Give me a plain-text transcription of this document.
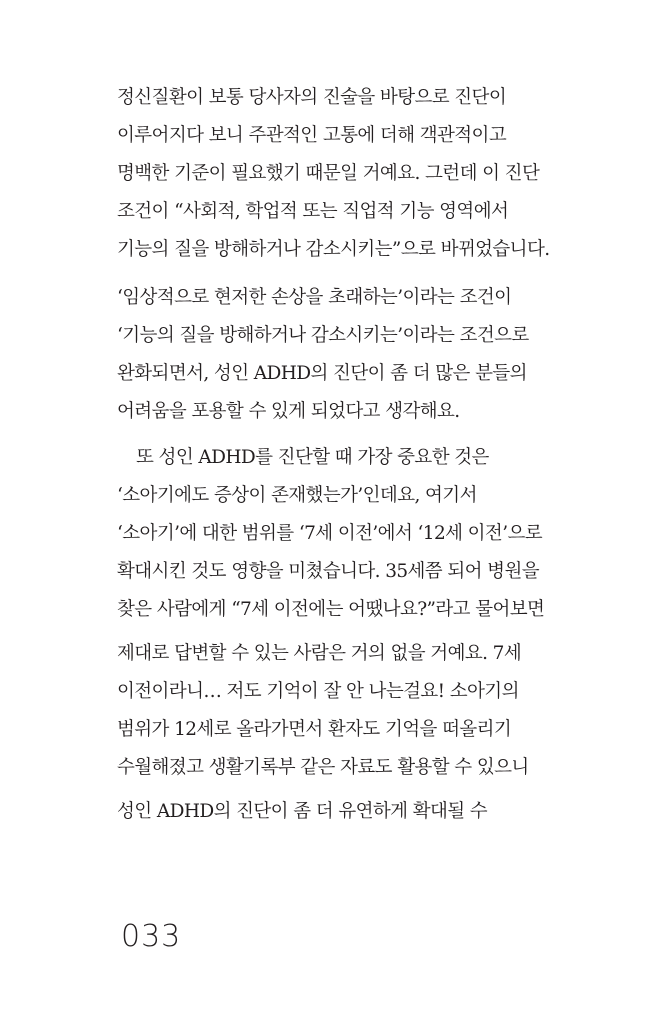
정신질환이 보통 당사자의 진술을 바탕으로 진단이
이루어지다 보니 주관적인 고통에 더해 객관적이고
명백한 기준이 필요했기 때문일 거예요. 그런데 이 진단
조건이 “사회적, 학업적 또는 직업적 기능 영역에서
기능의 질을 방해하거나 감소시키는”으로 바뀌었습니다.
‘임상적으로 현저한 손상을 초래하는’이라는 조건이
‘기능의 질을 방해하거나 감소시키는’이라는 조건으로
완화되면서, 성인 ADHD의 진단이 좀 더 많은 분들의
어려움을 포용할 수 있게 되었다고 생각해요.
또 성인 ADHD를 진단할 때 가장 중요한 것은
‘소아기에도 증상이 존재했는가’인데요, 여기서
‘소아기’에 대한 범위를 ‘7세 이전’에서 ‘12세 이전’으로
확대시킨 것도 영향을 미쳤습니다. 35세쯤 되어 병원을
찾은 사람에게 “7세 이전에는 어땠나요?”라고 물어보면
제대로 답변할 수 있는 사람은 거의 없을 거예요. 7세
이전이라니… 저도 기억이 잘 안 나는걸요! 소아기의
범위가 12세로 올라가면서 환자도 기억을 떠올리기
수월해졌고 생활기록부 같은 자료도 활용할 수 있으니
성인 ADHD의 진단이 좀 더 유연하게 확대될 수
033
